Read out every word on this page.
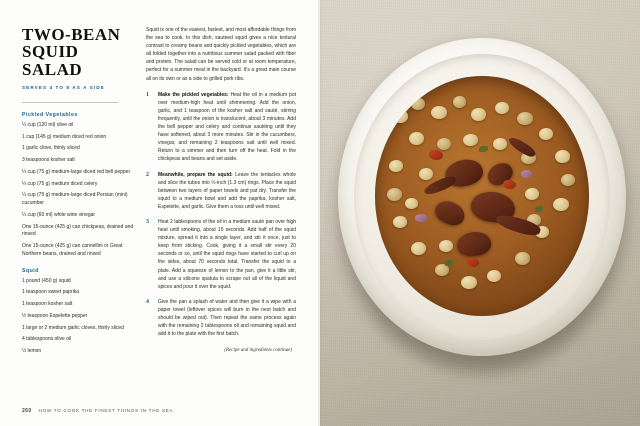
TWO-BEAN SQUID SALAD
SERVES 4 TO 8 AS A SIDE
Pickled Vegetables
¼ cup (120 ml) olive oil
1 cup (145 g) medium diced red onion
1 garlic clove, thinly sliced
3 teaspoons kosher salt
¼ cup (75 g) medium-large diced red bell pepper
¼ cup (75 g) medium diced celery
¼ cup (75 g) medium-large diced Persian (mini) cucumber
¼ cup (60 ml) white wine vinegar
One 15-ounce (425 g) can chickpeas, drained and rinsed
One 15-ounce (425 g) can cannellini or Great Northern beans, drained and rinsed
Squid
1 pound (450 g) squid
1 teaspoon sweet paprika
1 teaspoon kosher salt
½ teaspoon Espelette pepper
1 large or 2 medium garlic cloves, thinly sliced
4 tablespoons olive oil
½ lemon

Squid is one of the easiest, fastest, and most affordable things from the sea to cook. In this dish, sauteed squid gives a nice textural contrast to creamy beans and quickly pickled vegetables, which are all folded together into a nutritious summer salad packed with fiber and protein. The salad can be served cold or at room temperature, perfect for a summer meal in the backyard. It's a great main course all on its own or as a side to grilled pork ribs.

1	Make the pickled vegetables: Heat the oil in a medium pot over medium-high heat until shimmering. Add the onion, garlic, and 1 teaspoon of the kosher salt and sauté, stirring frequently, until the onion is translucent, about 3 minutes. Add the bell pepper and celery and continue sautéing until they have softened, about 3 more minutes. Stir in the cucumbers, vinegar, and remaining 2 teaspoons salt until well mixed. Return to a simmer and then turn off the heat. Fold in the chickpeas and beans and set aside.
2	Meanwhile, prepare the squid: Leave the tentacles whole and slice the tubes into ½-inch (1.3 cm) rings. Place the squid between two layers of paper towels and pat dry. Transfer the squid to a medium bowl and add the paprika, kosher salt, Espelette, and garlic. Give them a toss until well mixed.
3	Heat 2 tablespoons of the oil in a medium sauté pan over high heat until smoking, about 15 seconds. Add half of the squid mixture, spread it into a single layer, and stir it once, just to keep from sticking. Cook, giving it a small stir every 20 seconds or so, until the squid rings have started to curl up on the sides, about 70 seconds total. Transfer the squid to a plate. Add a squeeze of lemon to the pan, give it a little stir, and use a silicone spatula to scrape out all of the liquid and spices and pour it over the squid.
4	Give the pan a splash of water and then give it a wipe with a paper towel (leftover spices will burn in the next batch and should be wiped out). Then repeat the same process again with the remaining 2 tablespoons oil and remaining squid and add it to the plate with the first batch.
(Recipe and ingredients continue)
260 HOW TO COOK THE FINEST THINGS IN THE SEA
